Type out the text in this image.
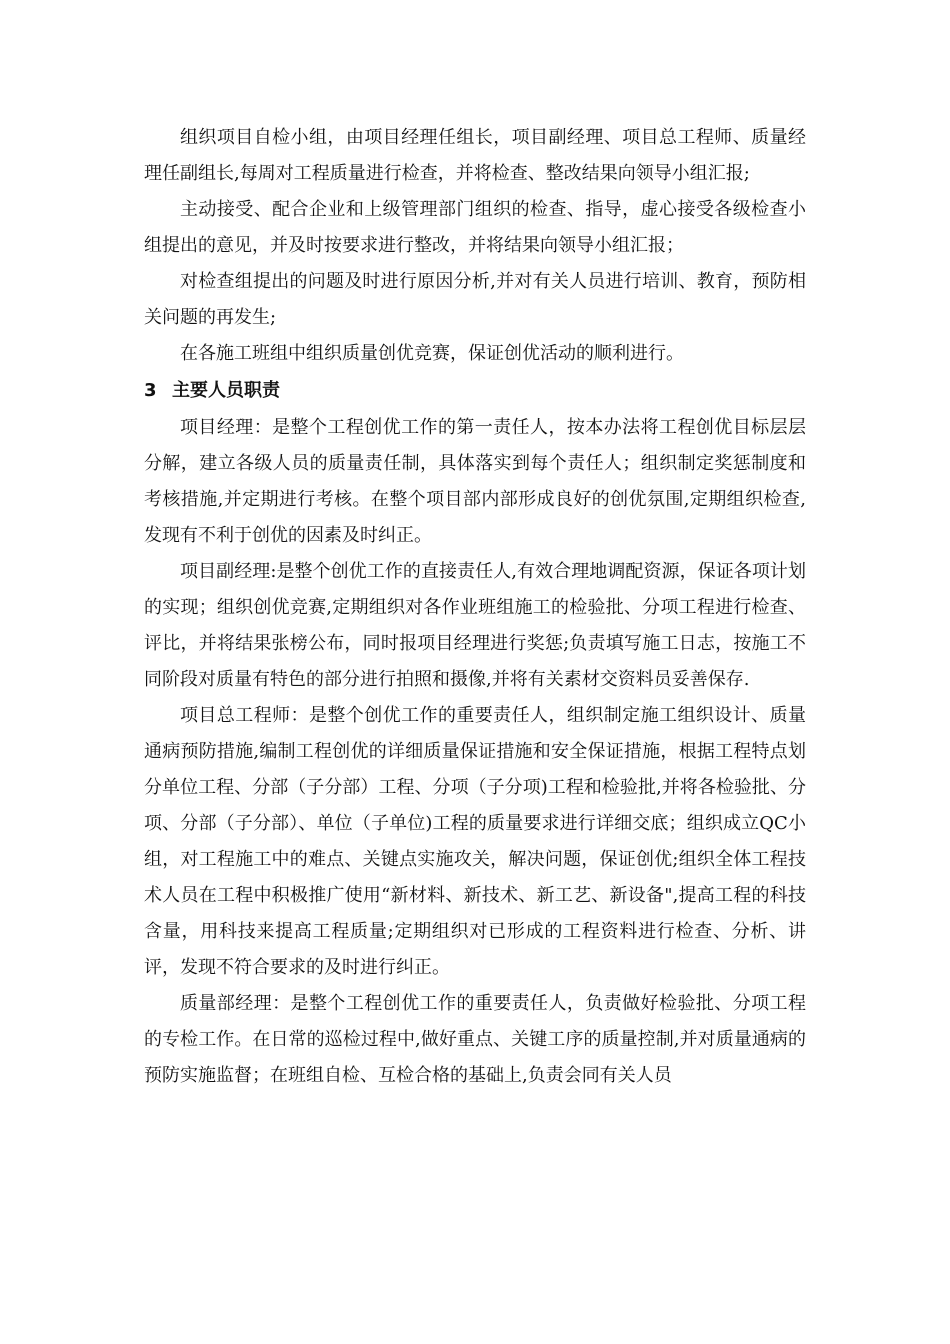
组织项目自检小组，由项目经理任组长，项目副经理、项目总工程师、质量经理任副组长,每周对工程质量进行检查，并将检查、整改结果向领导小组汇报;

主动接受、配合企业和上级管理部门组织的检查、指导，虚心接受各级检查小组提出的意见，并及时按要求进行整改，并将结果向领导小组汇报；

对检查组提出的问题及时进行原因分析,并对有关人员进行培训、教育，预防相关问题的再发生;

在各施工班组中组织质量创优竞赛，保证创优活动的顺利进行。

3 主要人员职责

项目经理：是整个工程创优工作的第一责任人，按本办法将工程创优目标层层分解，建立各级人员的质量责任制，具体落实到每个责任人；组织制定奖惩制度和考核措施,并定期进行考核。在整个项目部内部形成良好的创优氛围,定期组织检查,发现有不利于创优的因素及时纠正。

项目副经理:是整个创优工作的直接责任人,有效合理地调配资源，保证各项计划的实现；组织创优竞赛,定期组织对各作业班组施工的检验批、分项工程进行检查、评比，并将结果张榜公布，同时报项目经理进行奖惩;负责填写施工日志，按施工不同阶段对质量有特色的部分进行拍照和摄像,并将有关素材交资料员妥善保存.

项目总工程师：是整个创优工作的重要责任人，组织制定施工组织设计、质量通病预防措施,编制工程创优的详细质量保证措施和安全保证措施，根据工程特点划分单位工程、分部（子分部）工程、分项（子分项)工程和检验批,并将各检验批、分项、分部（子分部）、单位（子单位)工程的质量要求进行详细交底；组织成立QC小组，对工程施工中的难点、关键点实施攻关，解决问题，保证创优;组织全体工程技术人员在工程中积极推广使用“新材料、新技术、新工艺、新设备",提高工程的科技含量，用科技来提高工程质量;定期组织对已形成的工程资料进行检查、分析、讲评，发现不符合要求的及时进行纠正。

质量部经理：是整个工程创优工作的重要责任人，负责做好检验批、分项工程的专检工作。在日常的巡检过程中,做好重点、关键工序的质量控制,并对质量通病的预防实施监督；在班组自检、互检合格的基础上,负责会同有关人员
